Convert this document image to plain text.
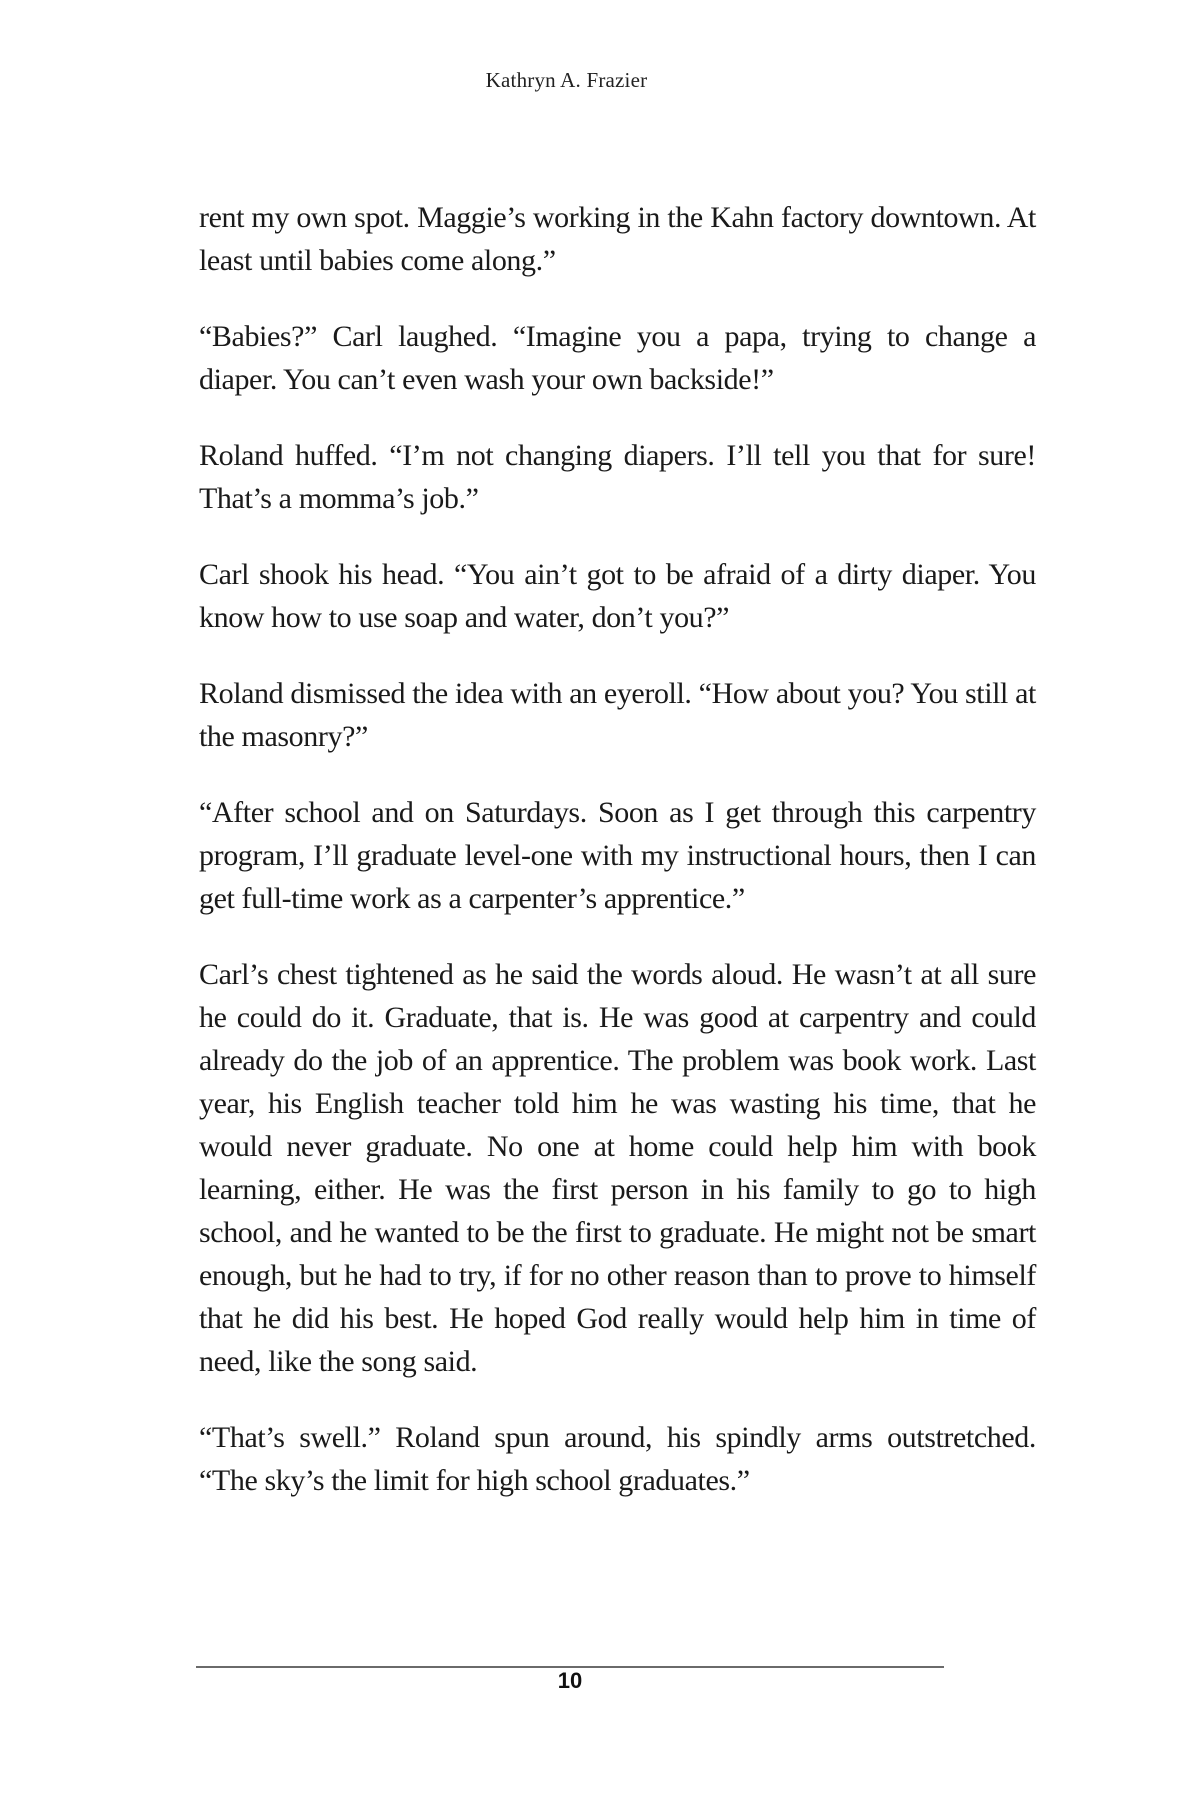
Kathryn A. Frazier

rent my own spot. Maggie’s working in the Kahn factory downtown. At least until babies come along.”

“Babies?” Carl laughed. “Imagine you a papa, trying to change a diaper. You can’t even wash your own backside!”

Roland huffed. “I’m not changing diapers. I’ll tell you that for sure! That’s a momma’s job.”

Carl shook his head. “You ain’t got to be afraid of a dirty diaper. You know how to use soap and water, don’t you?”

Roland dismissed the idea with an eyeroll. “How about you? You still at the masonry?”

“After school and on Saturdays. Soon as I get through this carpentry program, I’ll graduate level-one with my instructional hours, then I can get full-time work as a carpenter’s apprentice.”

Carl’s chest tightened as he said the words aloud. He wasn’t at all sure he could do it. Graduate, that is. He was good at carpentry and could already do the job of an apprentice. The problem was book work. Last year, his English teacher told him he was wasting his time, that he would never graduate. No one at home could help him with book learning, either. He was the first person in his family to go to high school, and he wanted to be the first to graduate. He might not be smart enough, but he had to try, if for no other reason than to prove to himself that he did his best. He hoped God really would help him in time of need, like the song said.

“That’s swell.” Roland spun around, his spindly arms outstretched. “The sky’s the limit for high school graduates.”

10
